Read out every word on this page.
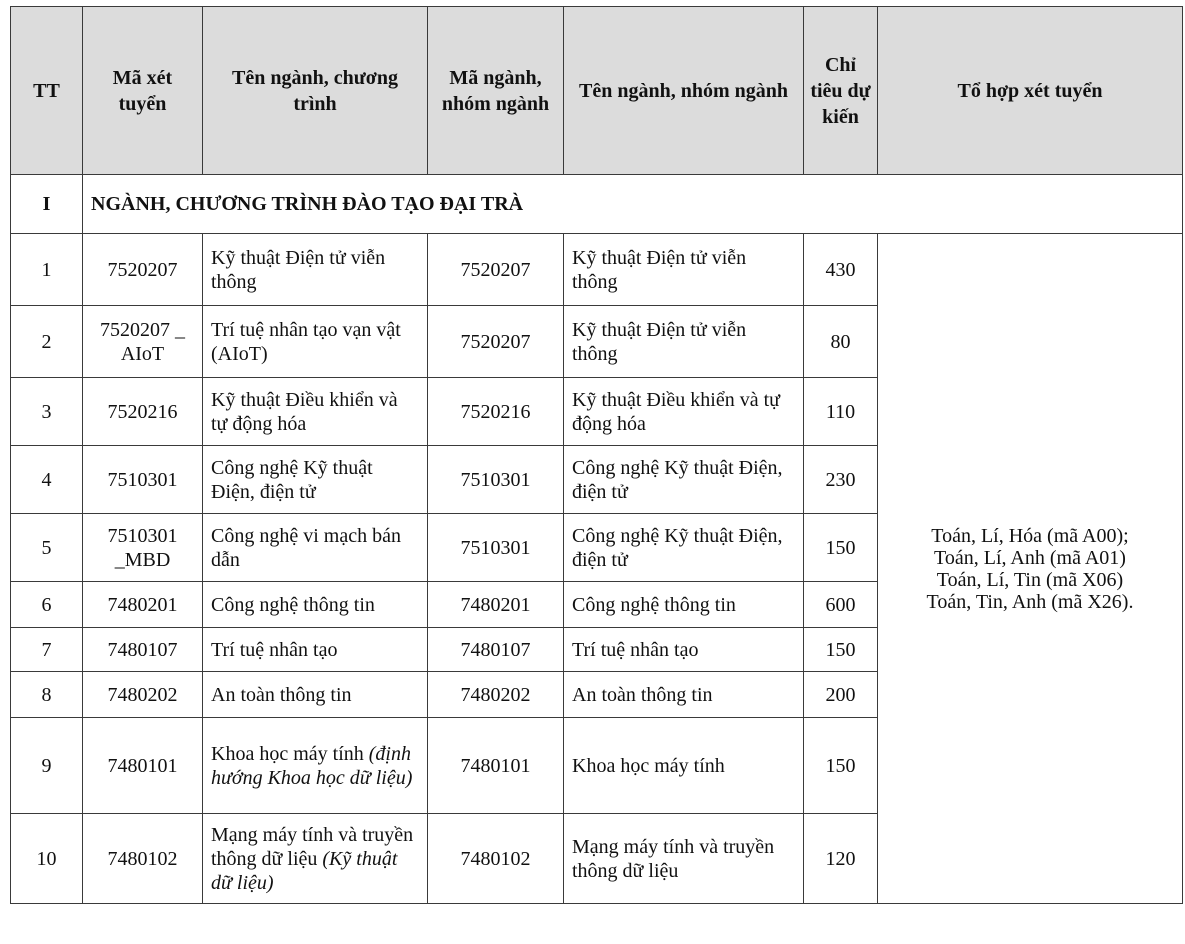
TT	Mã xét tuyển	Tên ngành, chương trình	Mã ngành, nhóm ngành	Tên ngành, nhóm ngành	Chỉ tiêu dự kiến	Tổ hợp xét tuyển
I	NGÀNH, CHƯƠNG TRÌNH ĐÀO TẠO ĐẠI TRÀ					
1	7520207	Kỹ thuật Điện tử viễn thông	7520207	Kỹ thuật Điện tử viễn thông	430	Toán, Lí, Hóa (mã A00);
Toán, Lí, Anh (mã A01)
Toán, Lí, Tin (mã X06)
Toán, Tin, Anh (mã X26).

2	7520207 _ AIoT	Trí tuệ nhân tạo vạn vật (AIoT)	7520207	Kỹ thuật Điện tử viễn thông	80	
3	7520216	Kỹ thuật Điều khiển và tự động hóa	7520216	Kỹ thuật Điều khiển và tự động hóa	110	
4	7510301	Công nghệ Kỹ thuật Điện, điện tử	7510301	Công nghệ Kỹ thuật Điện, điện tử	230	
5	7510301 _MBD	Công nghệ vi mạch bán dẫn	7510301	Công nghệ Kỹ thuật Điện, điện tử	150	
6	7480201	Công nghệ thông tin	7480201	Công nghệ thông tin	600	
7	7480107	Trí tuệ nhân tạo	7480107	Trí tuệ nhân tạo	150	
8	7480202	An toàn thông tin	7480202	An toàn thông tin	200	
9	7480101	Khoa học máy tính (định hướng Khoa học dữ liệu)	7480101	Khoa học máy tính	150	
10	7480102	Mạng máy tính và truyền thông dữ liệu (Kỹ thuật dữ liệu)	7480102	Mạng máy tính và truyền thông dữ liệu	120	
